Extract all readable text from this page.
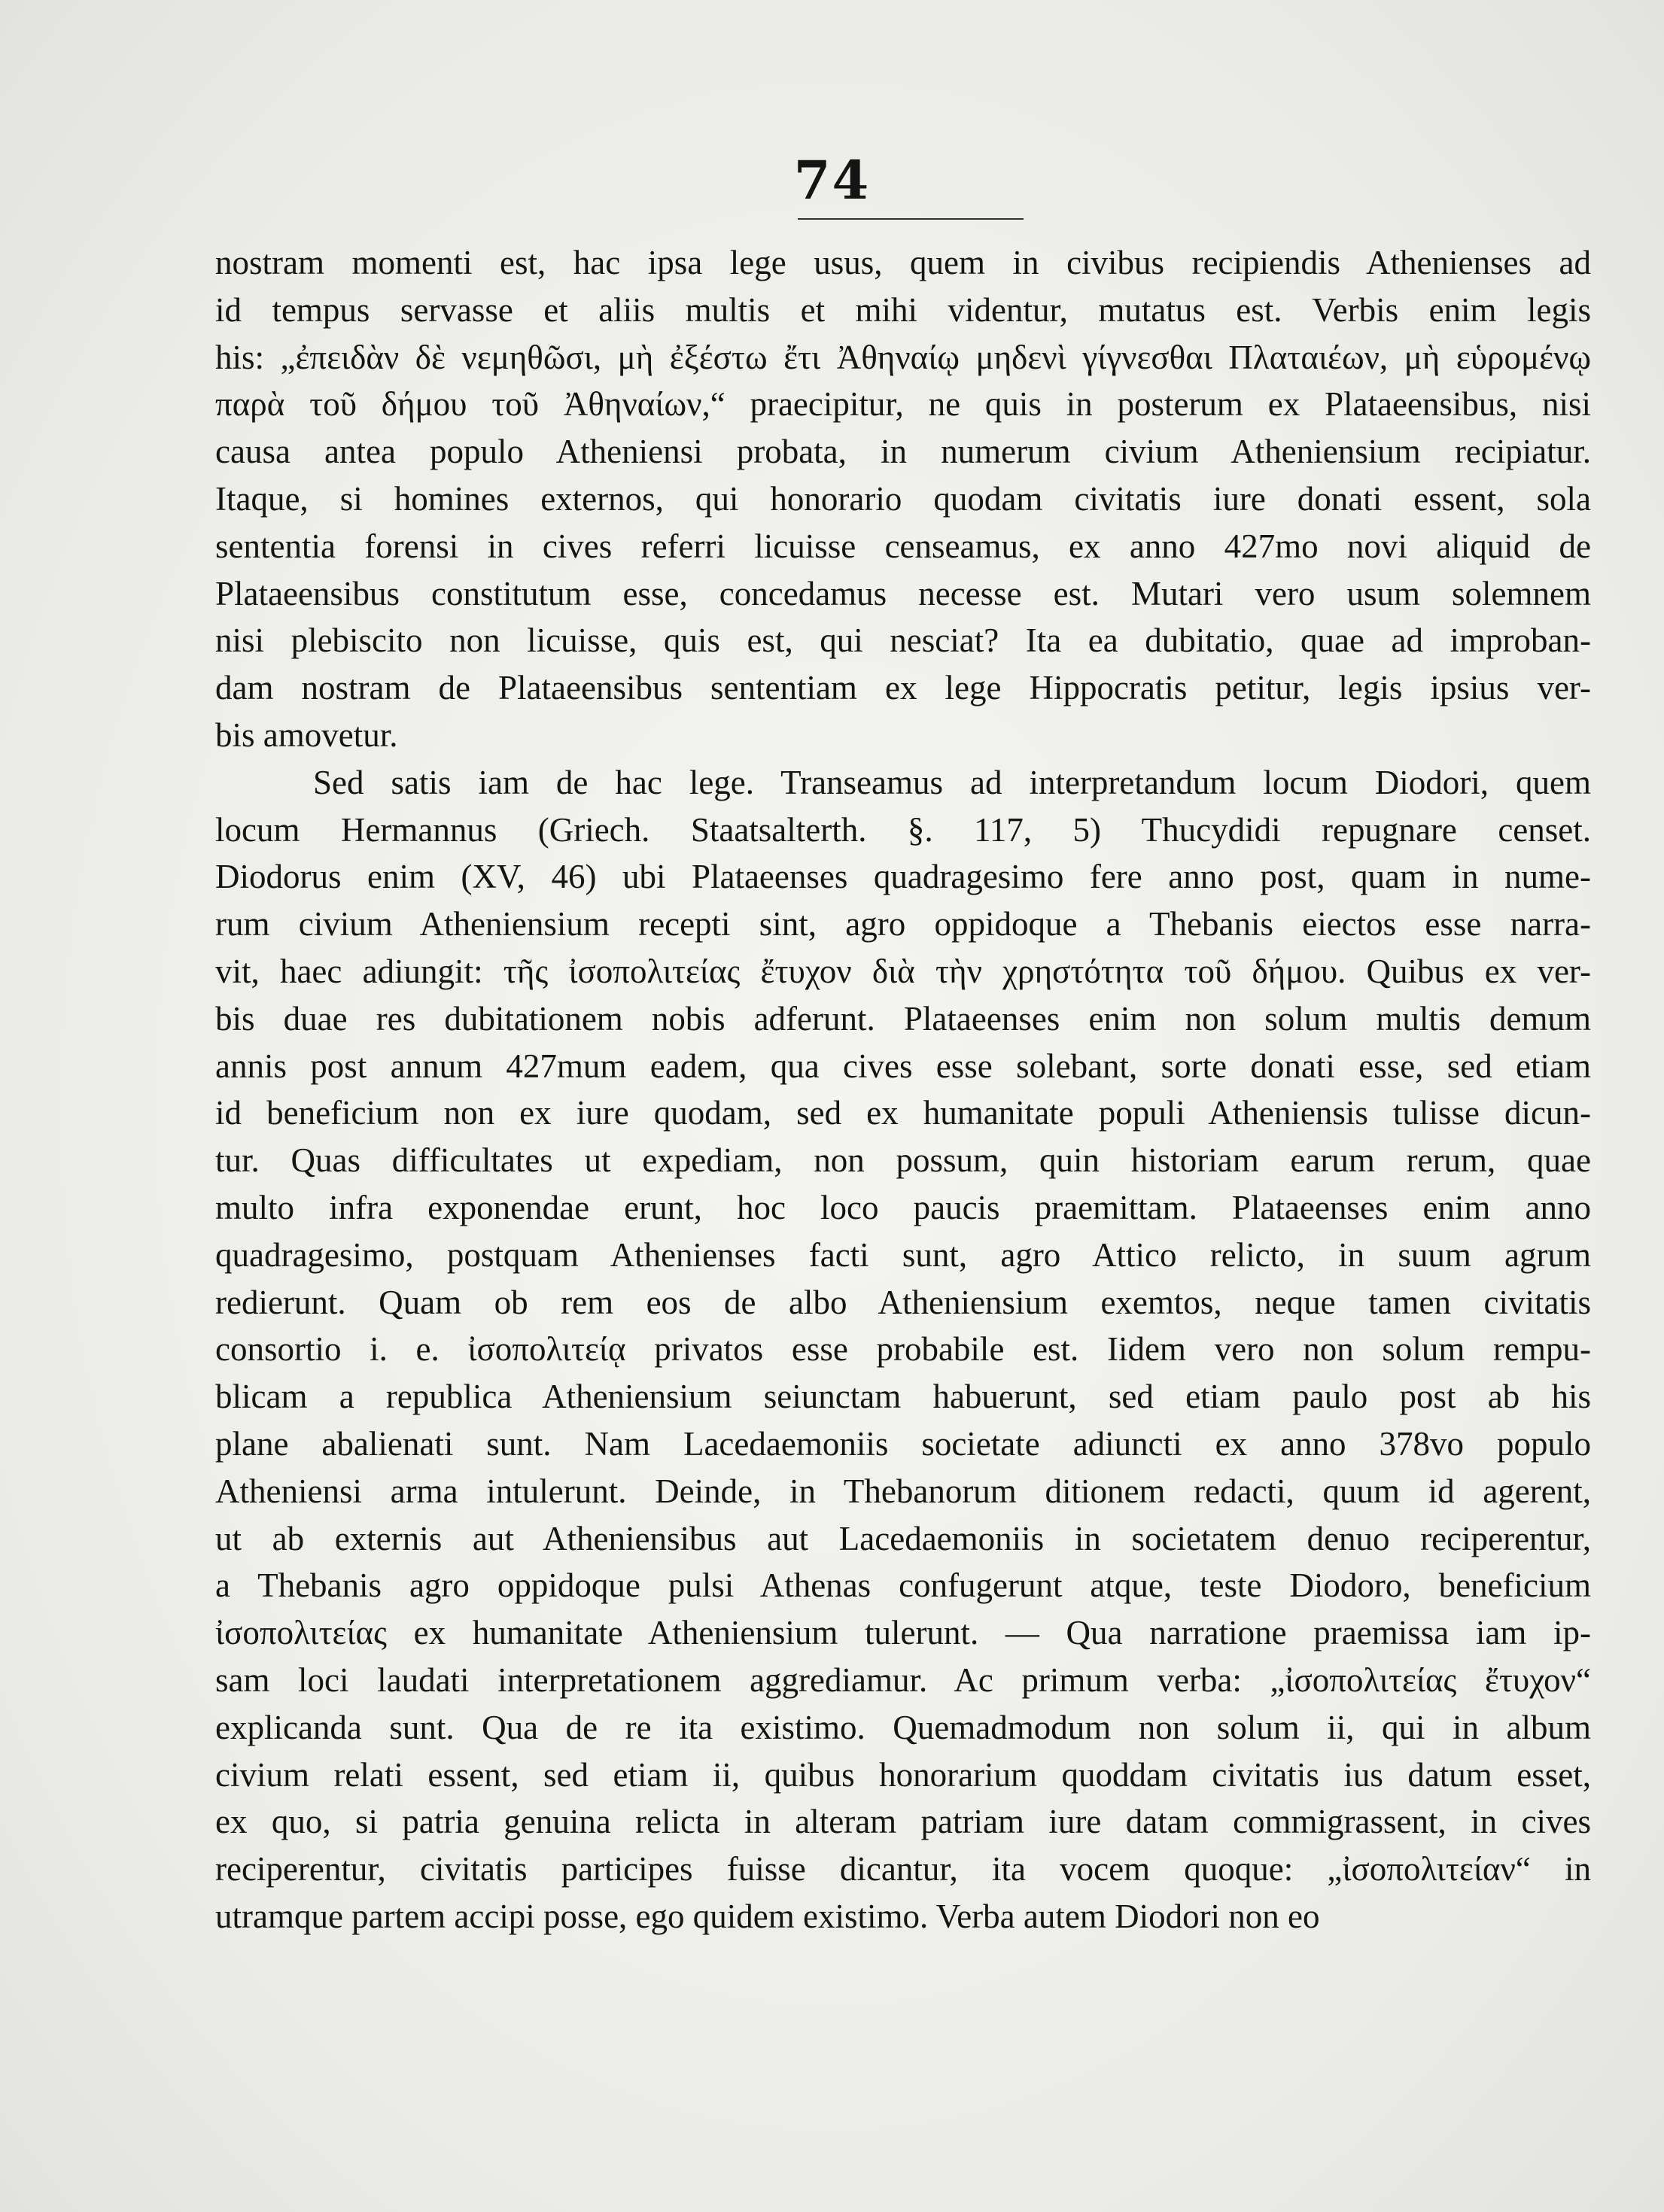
74
nostram momenti est, hac ipsa lege usus, quem in civibus recipiendis Athenienses ad
id tempus servasse et aliis multis et mihi videntur, mutatus est. Verbis enim legis
his: „ἐπειδὰν δὲ νεμηθῶσι, μὴ ἐξέστω ἔτι Ἀθηναίῳ μηδενὶ γίγνεσθαι Πλαταιέων, μὴ εὑρομένῳ
παρὰ τοῦ δήμου τοῦ Ἀθηναίων,“ praecipitur, ne quis in posterum ex Plataeensibus, nisi
causa antea populo Atheniensi probata, in numerum civium Atheniensium recipiatur.
Itaque, si homines externos, qui honorario quodam civitatis iure donati essent, sola
sententia forensi in cives referri licuisse censeamus, ex anno 427mo novi aliquid de
Plataeensibus constitutum esse, concedamus necesse est. Mutari vero usum solemnem
nisi plebiscito non licuisse, quis est, qui nesciat? Ita ea dubitatio, quae ad improban-
dam nostram de Plataeensibus sententiam ex lege Hippocratis petitur, legis ipsius ver-
bis amovetur.
Sed satis iam de hac lege. Transeamus ad interpretandum locum Diodori, quem
locum Hermannus (Griech. Staatsalterth. §. 117, 5) Thucydidi repugnare censet.
Diodorus enim (XV, 46) ubi Plataeenses quadragesimo fere anno post, quam in nume-
rum civium Atheniensium recepti sint, agro oppidoque a Thebanis eiectos esse narra-
vit, haec adiungit: τῆς ἰσοπολιτείας ἔτυχον διὰ τὴν χρηστότητα τοῦ δήμου. Quibus ex ver-
bis duae res dubitationem nobis adferunt. Plataeenses enim non solum multis demum
annis post annum 427mum eadem, qua cives esse solebant, sorte donati esse, sed etiam
id beneficium non ex iure quodam, sed ex humanitate populi Atheniensis tulisse dicun-
tur. Quas difficultates ut expediam, non possum, quin historiam earum rerum, quae
multo infra exponendae erunt, hoc loco paucis praemittam. Plataeenses enim anno
quadragesimo, postquam Athenienses facti sunt, agro Attico relicto, in suum agrum
redierunt. Quam ob rem eos de albo Atheniensium exemtos, neque tamen civitatis
consortio i. e. ἰσοπολιτείᾳ privatos esse probabile est. Iidem vero non solum rempu-
blicam a republica Atheniensium seiunctam habuerunt, sed etiam paulo post ab his
plane abalienati sunt. Nam Lacedaemoniis societate adiuncti ex anno 378vo populo
Atheniensi arma intulerunt. Deinde, in Thebanorum ditionem redacti, quum id agerent,
ut ab externis aut Atheniensibus aut Lacedaemoniis in societatem denuo reciperentur,
a Thebanis agro oppidoque pulsi Athenas confugerunt atque, teste Diodoro, beneficium
ἰσοπολιτείας ex humanitate Atheniensium tulerunt. — Qua narratione praemissa iam ip-
sam loci laudati interpretationem aggrediamur. Ac primum verba: „ἰσοπολιτείας ἔτυχον“
explicanda sunt. Qua de re ita existimo. Quemadmodum non solum ii, qui in album
civium relati essent, sed etiam ii, quibus honorarium quoddam civitatis ius datum esset,
ex quo, si patria genuina relicta in alteram patriam iure datam commigrassent, in cives
reciperentur, civitatis participes fuisse dicantur, ita vocem quoque: „ἰσοπολιτείαν“ in
utramque partem accipi posse, ego quidem existimo. Verba autem Diodori non eo
